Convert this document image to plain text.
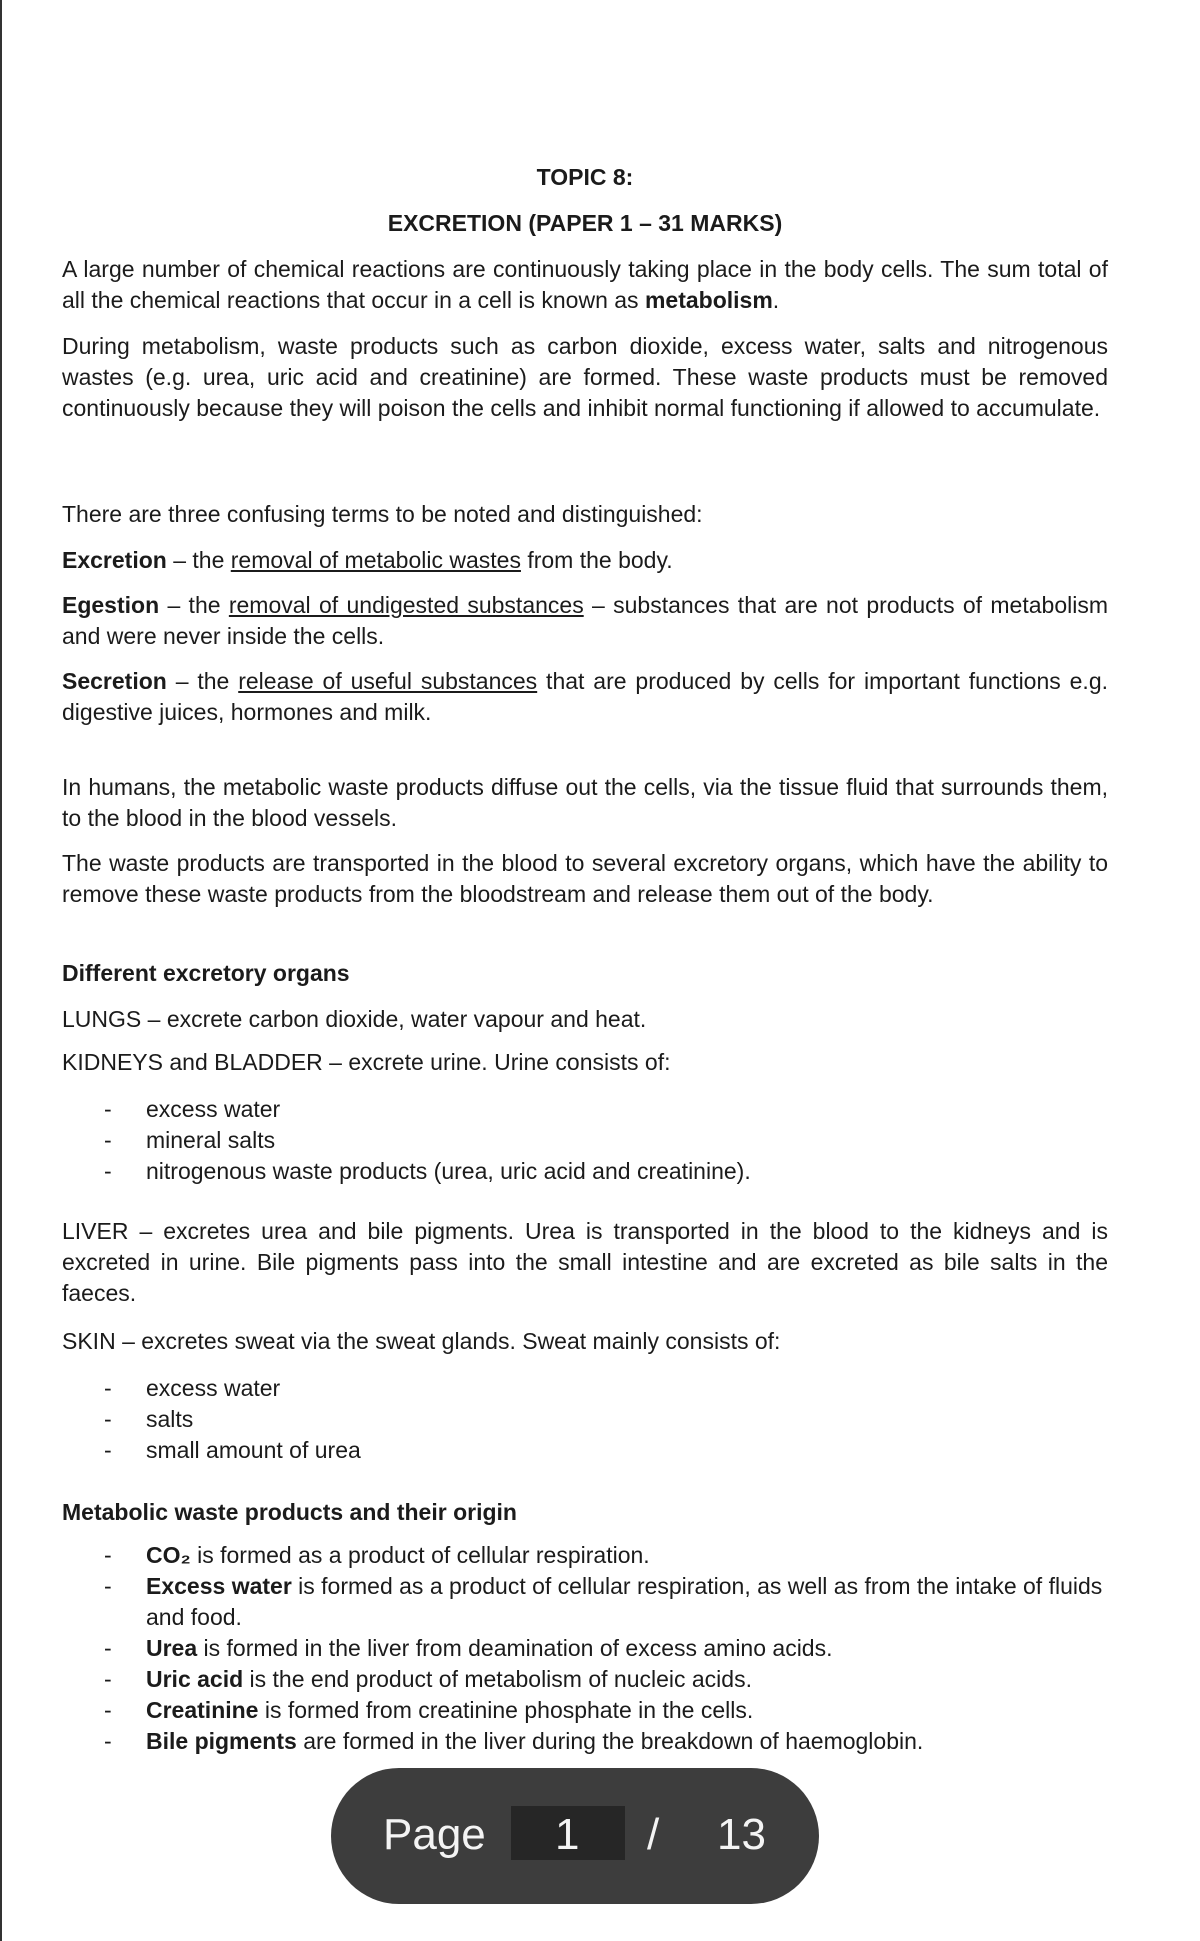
TOPIC 8:
EXCRETION (PAPER 1 – 31 MARKS)

A large number of chemical reactions are continuously taking place in the body cells. The sum total of all the chemical reactions that occur in a cell is known as metabolism.

During metabolism, waste products such as carbon dioxide, excess water, salts and nitrogenous wastes (e.g. urea, uric acid and creatinine) are formed. These waste products must be removed continuously because they will poison the cells and inhibit normal functioning if allowed to accumulate.

There are three confusing terms to be noted and distinguished:

Excretion – the removal of metabolic wastes from the body.

Egestion – the removal of undigested substances – substances that are not products of metabolism and were never inside the cells.

Secretion – the release of useful substances that are produced by cells for important functions e.g. digestive juices, hormones and milk.

In humans, the metabolic waste products diffuse out the cells, via the tissue fluid that surrounds them, to the blood in the blood vessels.

The waste products are transported in the blood to several excretory organs, which have the ability to remove these waste products from the bloodstream and release them out of the body.

Different excretory organs

LUNGS – excrete carbon dioxide, water vapour and heat.

KIDNEYS and BLADDER – excrete urine. Urine consists of:

- excess water
- mineral salts
- nitrogenous waste products (urea, uric acid and creatinine).

LIVER – excretes urea and bile pigments. Urea is transported in the blood to the kidneys and is excreted in urine. Bile pigments pass into the small intestine and are excreted as bile salts in the faeces.

SKIN – excretes sweat via the sweat glands. Sweat mainly consists of:

- excess water
- salts
- small amount of urea

Metabolic waste products and their origin

- CO₂ is formed as a product of cellular respiration.
- Excess water is formed as a product of cellular respiration, as well as from the intake of fluids and food.
- Urea is formed in the liver from deamination of excess amino acids.
- Uric acid is the end product of metabolism of nucleic acids.
- Creatinine is formed from creatinine phosphate in the cells.
- Bile pigments are formed in the liver during the breakdown of haemoglobin.
Page 1 / 13
